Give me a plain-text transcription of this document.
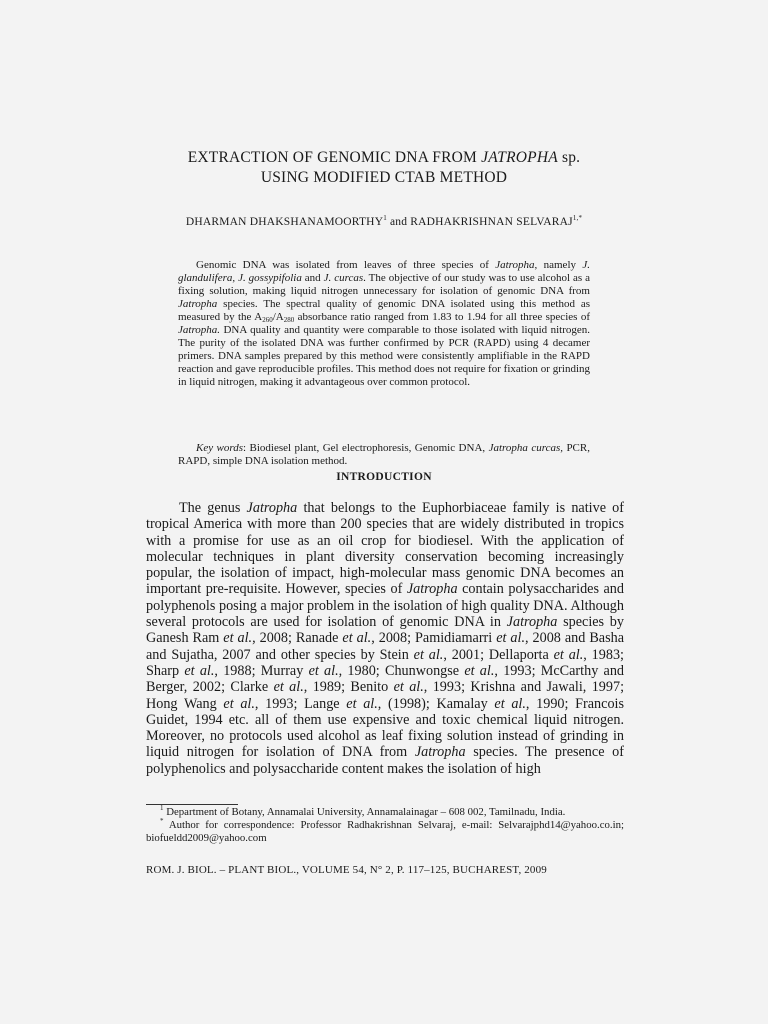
EXTRACTION OF GENOMIC DNA FROM JATROPHA sp.
USING MODIFIED CTAB METHOD
DHARMAN DHAKSHANAMOORTHY$^1$ and RADHAKRISHNAN $SELVARAJ^{1,*}$

Genomic DNA was isolated from leaves of three species of Jatropha, namely J. glandulifera, J. gossypifolia and J. curcas. The objective of our study was to use alcohol as a fixing solution, making liquid nitrogen unnecessary for isolation of genomic DNA from Jatropha species. The spectral quality of genomic DNA isolated using this method as measured by the $A_{260}/A_{280}$ absorbance ratio ranged from 1.83 to 1.94 for all three species of Jatropha. DNA quality and quantity were comparable to those isolated with liquid nitrogen. The purity of the isolated DNA was further confirmed by PCR (RAPD) using 4 decamer primers. DNA samples prepared by this method were consistently amplifiable in the RAPD reaction and gave reproducible profiles. This method does not require for fixation or grinding in liquid nitrogen, making it advantageous over common protocol.

Key words: Biodiesel plant, Gel electrophoresis, Genomic DNA, Jatropha curcas, PCR, RAPD, simple DNA isolation method.

INTRODUCTION

The genus Jatropha that belongs to the Euphorbiaceae family is native of tropical America with more than 200 species that are widely distributed in tropics with a promise for use as an oil crop for biodiesel. With the application of molecular techniques in plant diversity conservation becoming increasingly popular, the isolation of impact, high-molecular mass genomic DNA becomes an important pre-requisite. However, species of Jatropha contain polysaccharides and polyphenols posing a major problem in the isolation of high quality DNA. Although several protocols are used for isolation of genomic DNA in Jatropha species by Ganesh Ram et al., 2008; Ranade et al., 2008; Pamidiamarri et al., 2008 and Basha and Sujatha, 2007 and other species by Stein et al., 2001; Dellaporta et al., 1983; Sharp et al., 1988; Murray et al., 1980; Chunwongse et al., 1993; McCarthy and Berger, 2002; Clarke et al., 1989; Benito et al., 1993; Krishna and Jawali, 1997; Hong Wang et al., 1993; Lange et al., (1998); Kamalay et al., 1990; Francois Guidet, 1994 etc. all of them use expensive and toxic chemical liquid nitrogen. Moreover, no protocols used alcohol as leaf fixing solution instead of grinding in liquid nitrogen for isolation of DNA from Jatropha species. The presence of polyphenolics and polysaccharide content makes the isolation of high

$^1$ Department of Botany, Annamalai University, Annamalainagar – 608 002, Tamilnadu, India.

* Author for correspondence: Professor Radhakrishnan Selvaraj, e-mail: Selvarajphd14@yahoo.co.in; biofueldd2009@yahoo.com

ROM. J. BIOL. – PLANT BIOL., VOLUME 54, N° 2, P. 117–125, BUCHAREST, 2009
